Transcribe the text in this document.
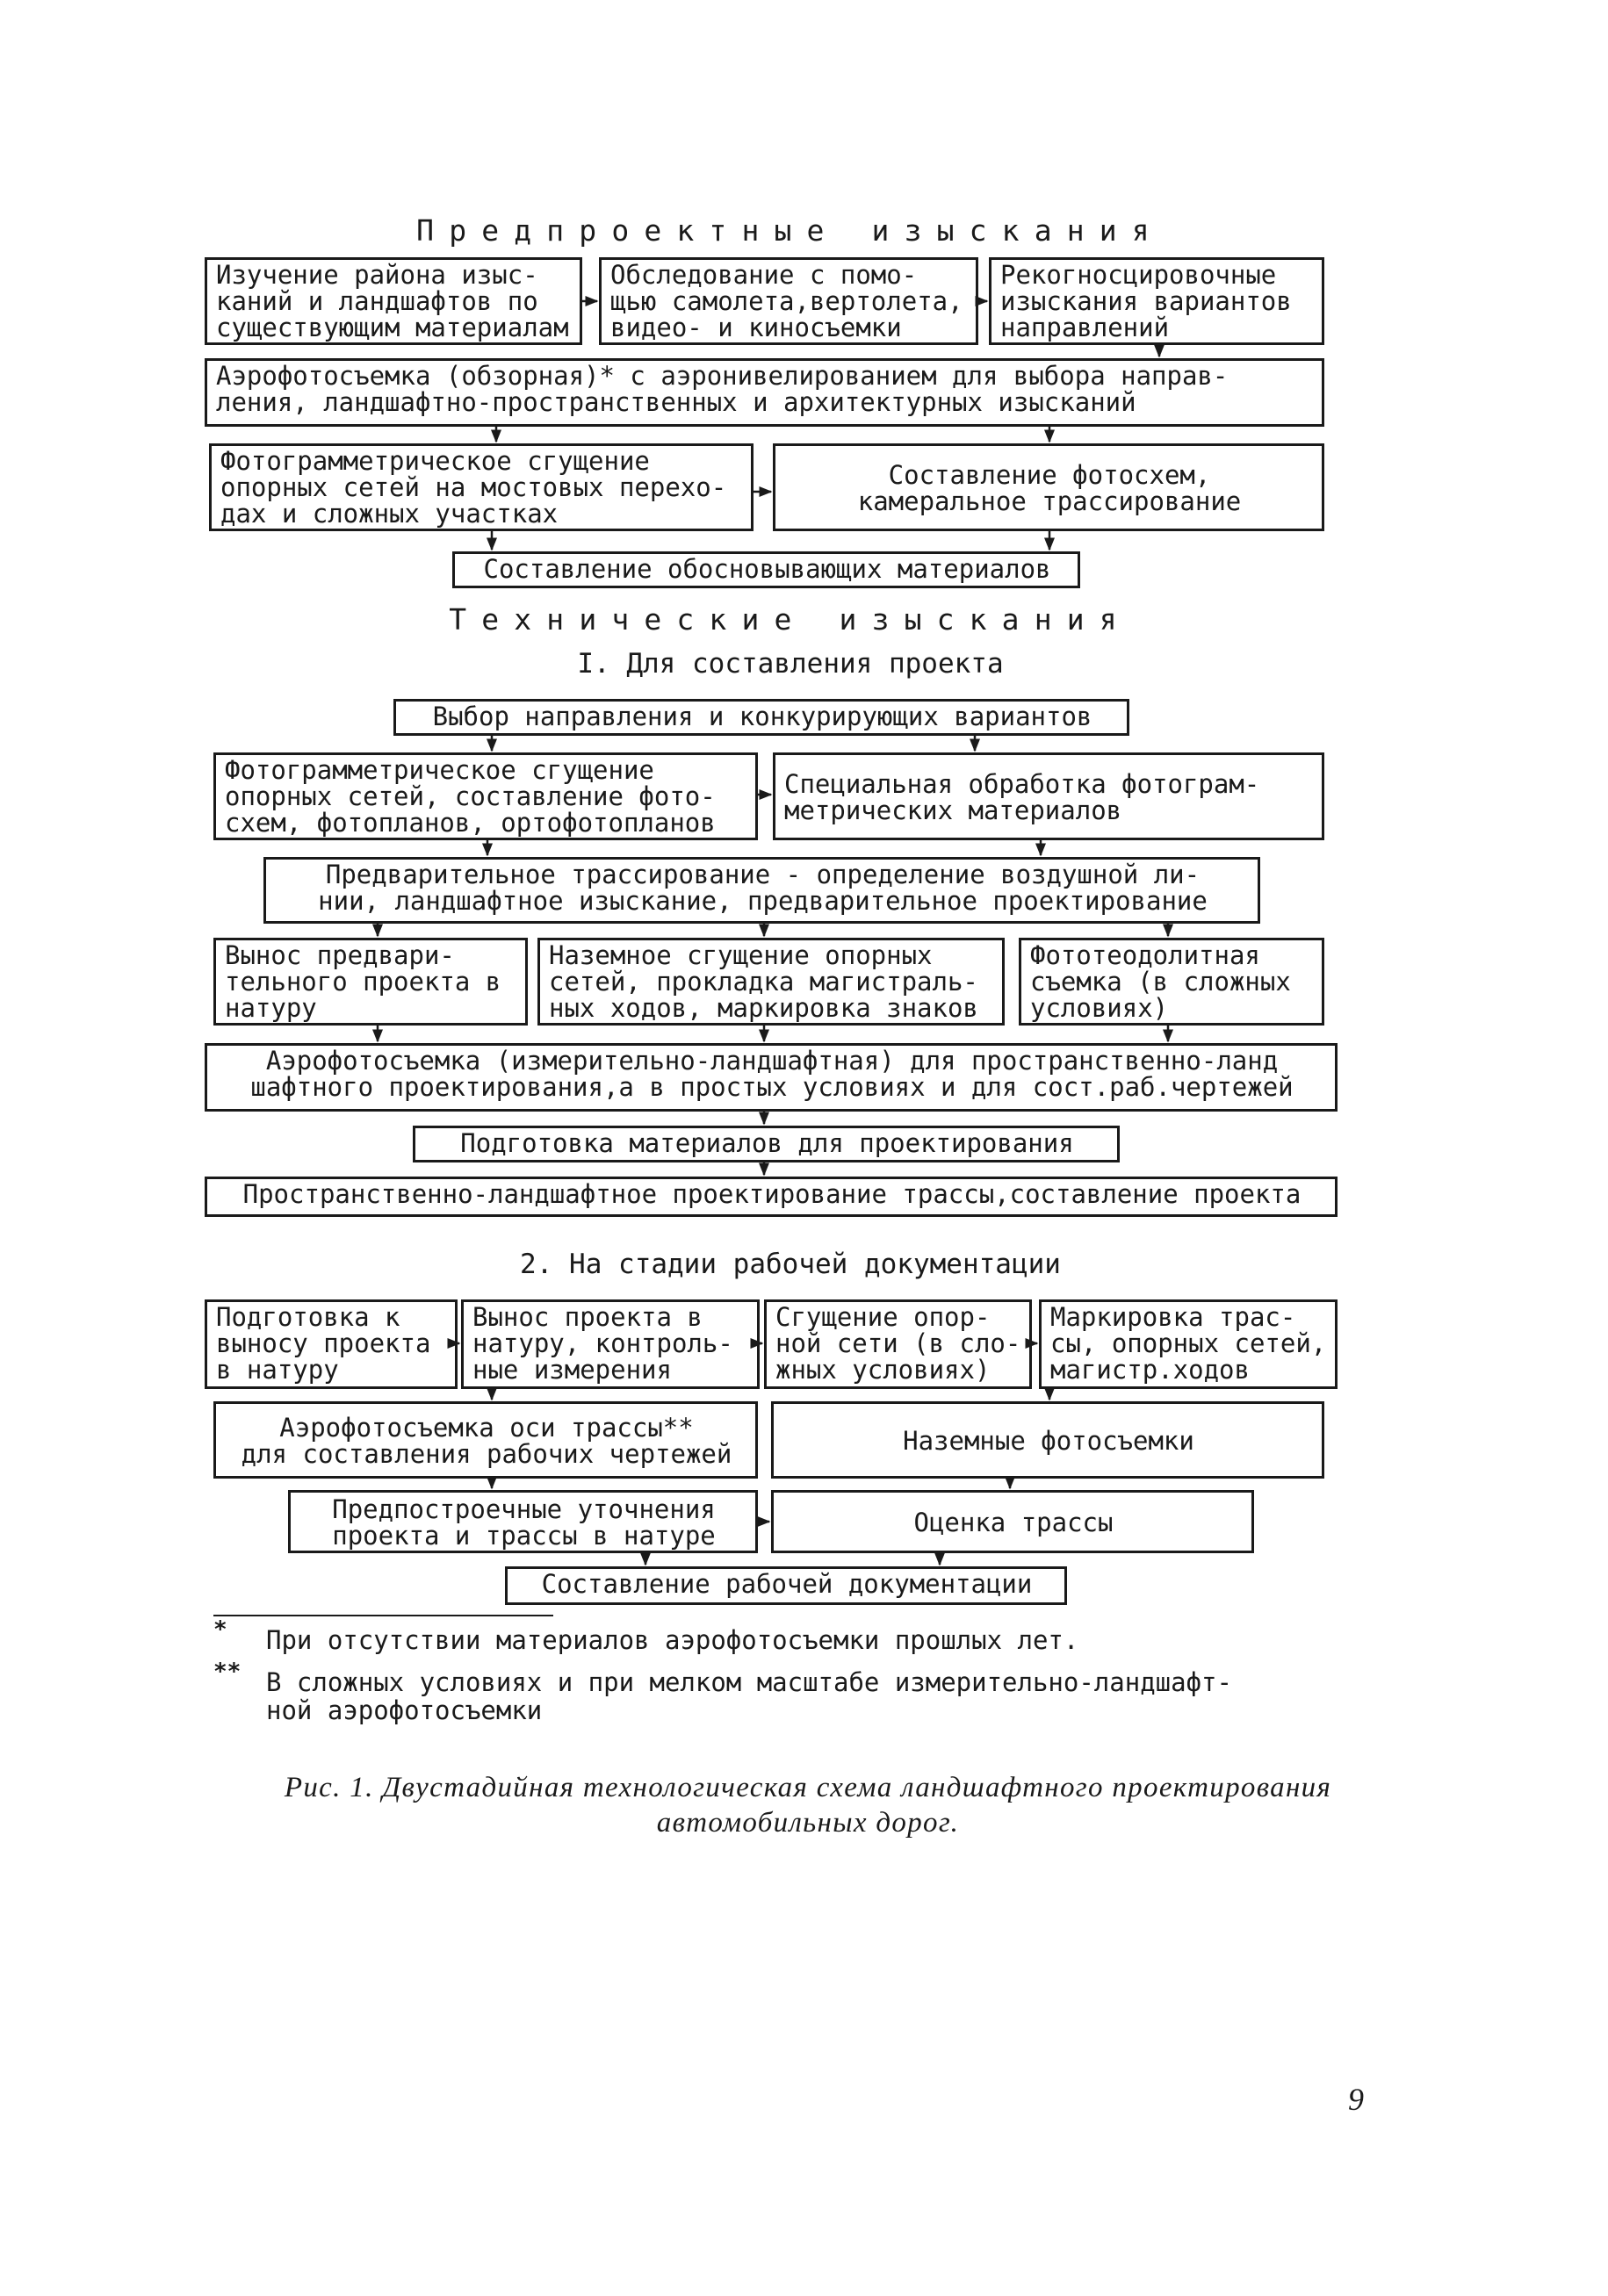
Предпроектные изыскания
Изучение района изыс-
каний и ландшафтов по
существующим материалам
Обследование с помо-
щью самолета,вертолета,
видео- и киносъемки
Рекогносцировочные
изыскания вариантов
направлений
Аэрофотосъемка (обзорная)* с аэронивелированием для выбора направ-
ления, ландшафтно-пространственных и архитектурных изысканий
Фотограмметрическое сгущение
опорных сетей на мостовых перехо-
дах и сложных участках
Составление фотосхем,
камеральное трассирование
Составление обосновывающих материалов
Технические изыскания
I. Для составления проекта
Выбор направления и конкурирующих вариантов
Фотограмметрическое сгущение
опорных сетей, составление фото-
схем, фотопланов, ортофотопланов
Специальная обработка фотограм-
метрических материалов
Предварительное трассирование - определение воздушной ли-
нии, ландшафтное изыскание, предварительное проектирование
Вынос предвари-
тельного проекта в
натуру
Наземное сгущение опорных
сетей, прокладка магистраль-
ных ходов, маркировка знаков
Фототеодолитная
съемка (в сложных
условиях)
Аэрофотосъемка (измерительно-ландшафтная) для пространственно-ланд
шафтного проектирования,а в простых условиях и для сост.раб.чертежей
Подготовка материалов для проектирования
Пространственно-ландшафтное проектирование трассы,составление проекта
2. На стадии рабочей документации
Подготовка к
выносу проекта
в натуру
Вынос проекта в
натуру, контроль-
ные измерения
Сгущение опор-
ной сети (в сло-
жных условиях)
Маркировка трас-
сы, опорных сетей,
магистр.ходов
Аэрофотосъемка оси трассы**
для составления рабочих чертежей	Наземные фотосъемки
Предпостроечные уточнения
проекта и трассы в натуре	Оценка трассы
Составление рабочей документации
* При отсутствии материалов аэрофотосъемки прошлых лет.
** В сложных условиях и при мелком масштабе измерительно-ландшафт-
ной аэрофотосъемки
Рис. 1. Двустадийная технологическая схема ландшафтного проектирования
автомобильных дорог.
9
